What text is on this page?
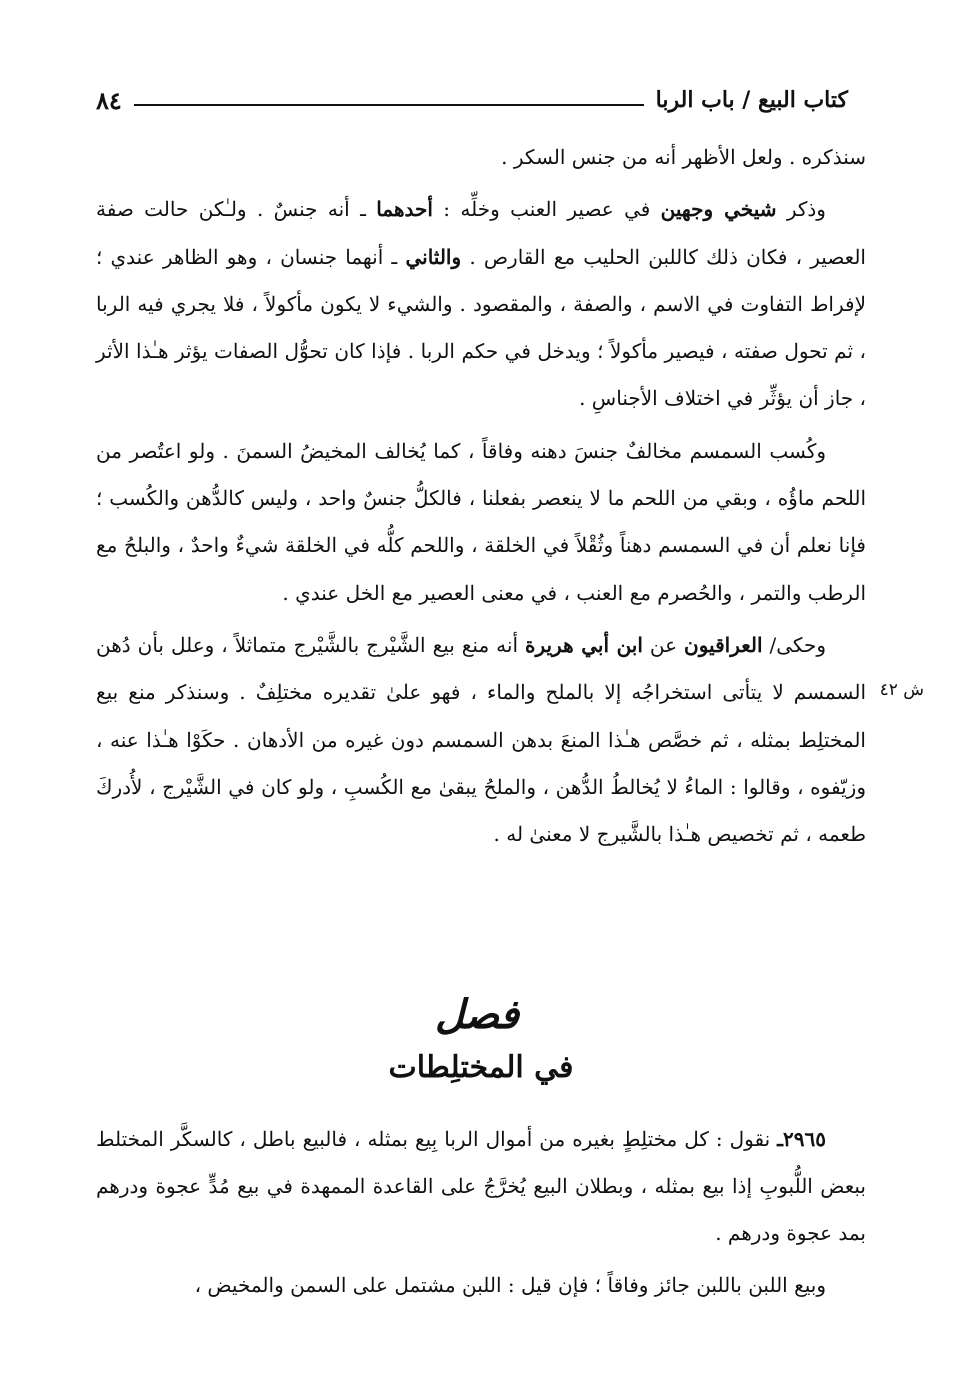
كتاب البيع / باب الربا
٨٤

سنذكره . ولعل الأظهر أنه من جنس السكر .

وذكر شيخي وجهين في عصير العنب وخلِّه : أحدهما ـ أنه جنسٌ . ولـٰكن حالت صفة العصير ، فكان ذلك كاللبن الحليب مع القارص . والثاني ـ أنهما جنسان ، وهو الظاهر عندي ؛ لإفراط التفاوت في الاسم ، والصفة ، والمقصود . والشيء لا يكون مأكولاً ، فلا يجري فيه الربا ، ثم تحول صفته ، فيصير مأكولاً ؛ ويدخل في حكم الربا . فإذا كان تحوُّل الصفات يؤثر هـٰذا الأثر ، جاز أن يؤثِّر في اختلاف الأجناسِ .

وكُسب السمسم مخالفٌ جنسَ دهنه وفاقاً ، كما يُخالف المخيضُ السمنَ . ولو اعتُصر من اللحم ماؤُه ، وبقي من اللحم ما لا ينعصر بفعلنا ، فالكلُّ جنسٌ واحد ، وليس كالدُّهن والكُسب ؛ فإنا نعلم أن في السمسم دهناً وثُقْلاً في الخلقة ، واللحم كلُّه في الخلقة شيءٌ واحدٌ ، والبلحُ مع الرطب والتمر ، والحُصرم مع العنب ، في معنى العصير مع الخل عندي .

وحكى/ العراقيون عن ابن أبي هريرة أنه منع بيع الشَّيْرج بالشَّيْرج متماثلاً ، وعلل بأن دُهن السمسم لا يتأتى استخراجُه إلا بالملح والماء ، فهو علىٰ تقديره مختلِفٌ . وسنذكر منع بيع المختلِط بمثله ، ثم خصَّص هـٰذا المنعَ بدهن السمسم دون غيره من الأدهان . حكَوْا هـٰذا عنه ، وزيّفوه ، وقالوا : الماءُ لا يُخالطُ الدُّهن ، والملحُ يبقىٰ مع الكُسبِ ، ولو كان في الشَّيْرج ، لأُدركَ طعمه ، ثم تخصيص هـٰذا بالشَّيرج لا معنىٰ له .

ش ٤٢
فصل
في المختلِطات

٢٩٦٥ـ نقول : كل مختلِطٍ بغيره من أموال الربا بِيع بمثله ، فالبيع باطل ، كالسكَّر المختلط ببعض اللُّبوبِ إذا بيع بمثله ، وبطلان البيع يُخرَّجُ على القاعدة الممهدة في بيع مُدٍّ عجوة ودرهم بمد عجوة ودرهم .

وبيع اللبن باللبن جائز وفاقاً ؛ فإن قيل : اللبن مشتمل على السمن والمخيض ،
